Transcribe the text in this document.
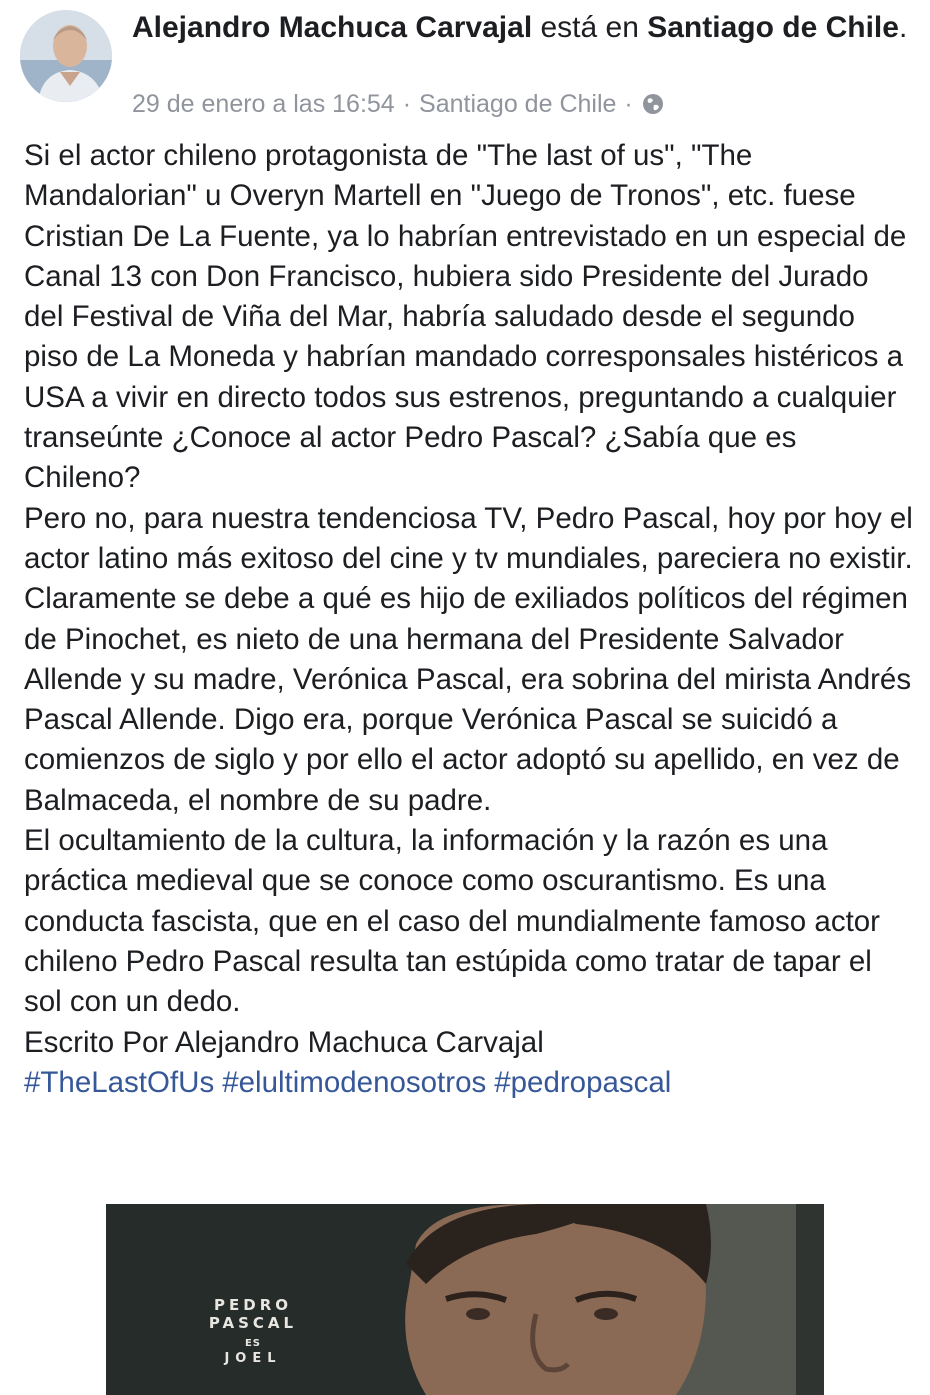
Alejandro Machuca Carvajal está en Santiago de Chile.
29 de enero a las 16:54 · Santiago de Chile ·

Si el actor chileno protagonista de "The last of us", "The Mandalorian" u Overyn Martell en "Juego de Tronos", etc. fuese Cristian De La Fuente, ya lo habrían entrevistado en un especial de Canal 13 con Don Francisco, hubiera sido Presidente del Jurado del Festival de Viña del Mar, habría saludado desde el segundo piso de La Moneda y habrían mandado corresponsales histéricos a USA a vivir en directo todos sus estrenos, preguntando a cualquier transeúnte ¿Conoce al actor Pedro Pascal? ¿Sabía que es Chileno?

Pero no, para nuestra tendenciosa TV, Pedro Pascal, hoy por hoy el actor latino más exitoso del cine y tv mundiales, pareciera no existir. Claramente se debe a qué es hijo de exiliados políticos del régimen de Pinochet, es nieto de una hermana del Presidente Salvador Allende y su madre, Verónica Pascal, era sobrina del mirista Andrés Pascal Allende. Digo era, porque Verónica Pascal se suicidó a comienzos de siglo y por ello el actor adoptó su apellido, en vez de Balmaceda, el nombre de su padre.

El ocultamiento de la cultura, la información y la razón es una práctica medieval que se conoce como oscurantismo. Es una conducta fascista, que en el caso del mundialmente famoso actor chileno Pedro Pascal resulta tan estúpida como tratar de tapar el sol con un dedo.

Escrito Por Alejandro Machuca Carvajal

#TheLastOfUs #elultimodenosotros #pedropascal

PEDRO PASCAL
ES
JOEL
